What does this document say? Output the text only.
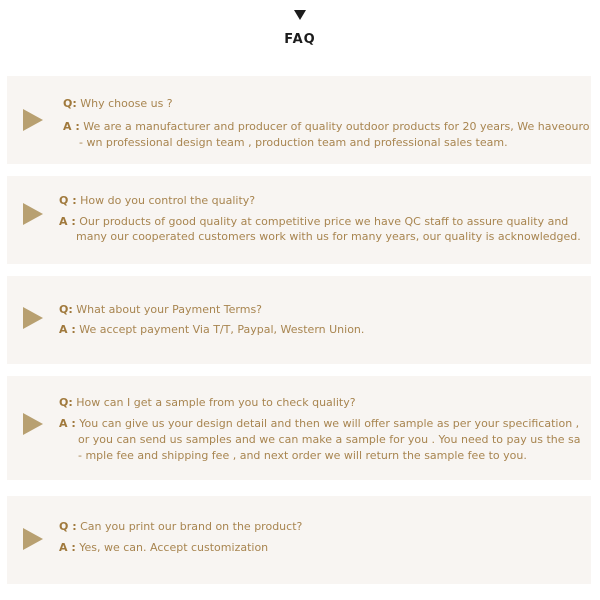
FAQ
Q: Why choose us ?
A : We are a manufacturer and producer of quality outdoor products for 20 years, We haveouro
- wn professional design team , production team and professional sales team.
Q : How do you control the quality?
A : Our products of good quality at competitive price we have QC staff to assure quality and
many our cooperated customers work with us for many years, our quality is acknowledged.
Q: What about your Payment Terms?
A : We accept payment Via T/T, Paypal, Western Union.
Q: How can I get a sample from you to check quality?
A : You can give us your design detail and then we will offer sample as per your specification ,
or you can send us samples and we can make a sample for you . You need to pay us the sa
- mple fee and shipping fee , and next order we will return the sample fee to you.
Q : Can you print our brand on the product?
A : Yes, we can. Accept customization
